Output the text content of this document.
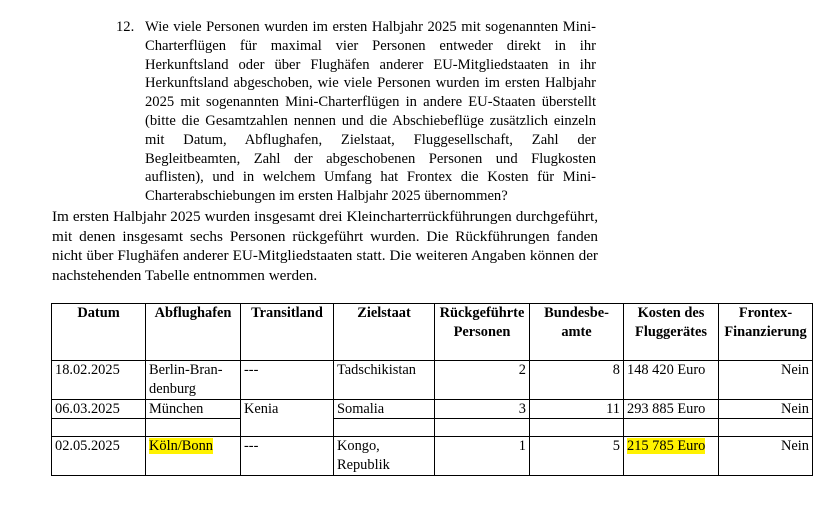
12. Wie viele Personen wurden im ersten Halbjahr 2025 mit sogenannten Mini-Charterflügen für maximal vier Personen entweder direkt in ihr Herkunftsland oder über Flughäfen anderer EU-Mitgliedstaaten in ihr Herkunftsland abgeschoben, wie viele Personen wurden im ersten Halbjahr 2025 mit sogenannten Mini-Charterflügen in andere EU-Staaten überstellt (bitte die Gesamtzahlen nennen und die Abschiebeflüge zusätzlich einzeln mit Datum, Abflughafen, Zielstaat, Fluggesellschaft, Zahl der Begleitbeamten, Zahl der abgeschobenen Personen und Flugkosten auflisten), und in welchem Umfang hat Frontex die Kosten für Mini-Charterabschiebungen im ersten Halbjahr 2025 übernommen?

Im ersten Halbjahr 2025 wurden insgesamt drei Kleincharterrückführungen durchgeführt, mit denen insgesamt sechs Personen rückgeführt wurden. Die Rückführungen fanden nicht über Flughäfen anderer EU-Mitgliedstaaten statt. Die weiteren Angaben können der nachstehenden Tabelle entnommen werden.

Datum	Abflughafen	Transitland	Zielstaat	Rückgeführte Personen	Bundesbeamte	Kosten des Fluggerätes	Frontex-Finanzierung
18.02.2025	Berlin-Brandenburg	---	Tadschikistan	2	8	148 420 Euro	Nein
06.03.2025	München	Kenia	Somalia	3	11	293 885 Euro	Nein

02.05.2025	Köln/Bonn	---	Kongo, Republik	1	5	215 785 Euro	Nein
